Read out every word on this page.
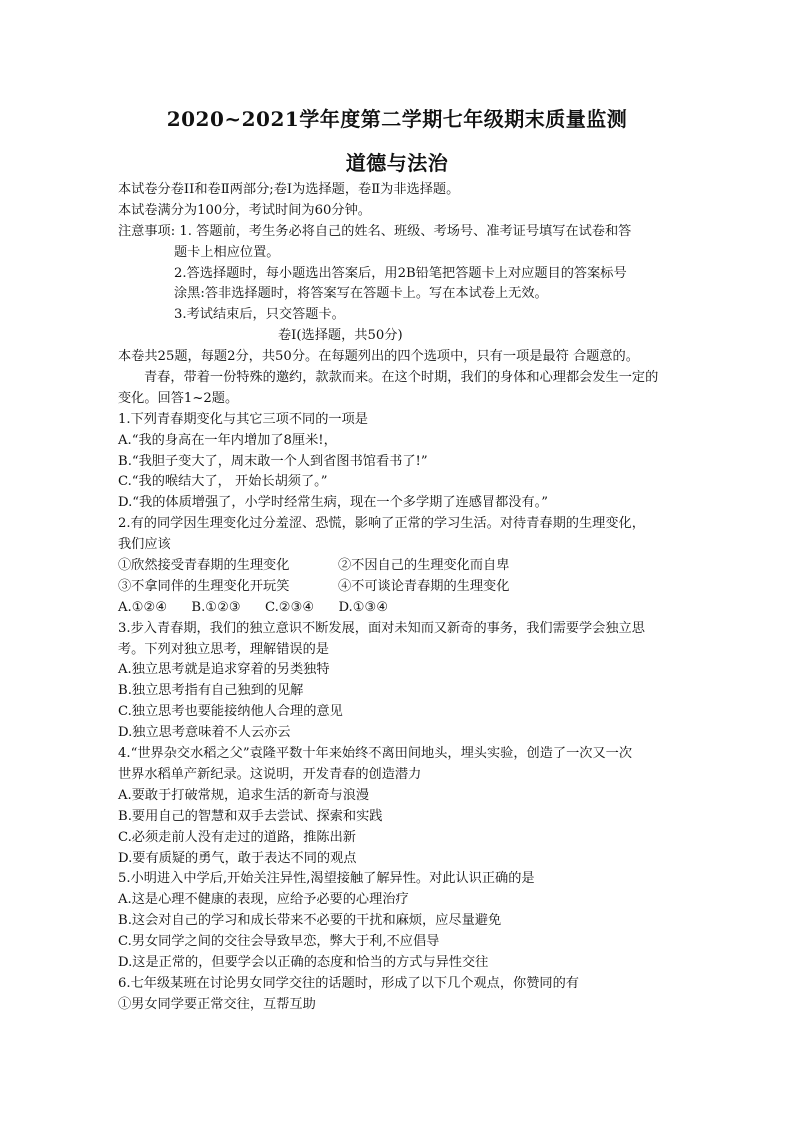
2020~2021学年度第二学期七年级期末质量监测
道德与法治
本试卷分卷ⅠI和卷Ⅱ两部分;卷Ⅰ为选择题，卷Ⅱ为非选择题。
本试卷满分为100分，考试时间为60分钟。
注意事项: 1. 答题前，考生务必将自己的姓名、班级、考场号、准考证号填写在试卷和答
题卡上相应位置。
2.答选择题时，每小题选出答案后，用2B铅笔把答题卡上对应题目的答案标号
涂黑:答非选择题时，将答案写在答题卡上。写在本试卷上无效。
3.考试结束后，只交答题卡。
卷Ⅰ(选择题，共50分)
本卷共25题，每题2分，共50分。在每题列出的四个选项中，只有一项是最符 合题意的。
青春，带着一份特殊的邀约，款款而来。在这个时期，我们的身体和心理都会发生一定的
变化。回答1~2题。
1.下列青春期变化与其它三项不同的一项是
A.“我的身高在一年内增加了8厘米!，
B.“我胆子变大了，周末敢一个人到省图书馆看书了!”
C.“我的喉结大了， 开始长胡须了。”
D.“我的体质增强了，小学时经常生病，现在一个多学期了连感冒都没有。”
2.有的同学因生理变化过分羞涩、恐慌，影响了正常的学习生活。对待青春期的生理变化，
我们应该
①欣然接受青春期的生理变化	②不因自己的生理变化而自卑
③不拿同伴的生理变化开玩笑	④不可谈论青春期的生理变化
A.①②④ B.①②③ C.②③④ D.①③④
3.步入青春期，我们的独立意识不断发展，面对未知而又新奇的事务，我们需要学会独立思
考。下列对独立思考，理解错误的是
A.独立思考就是追求穿着的另类独特
B.独立思考指有自己独到的见解
C.独立思考也要能接纳他人合理的意见
D.独立思考意味着不人云亦云
4.“世界杂交水稻之父”袁隆平数十年来始终不离田间地头，埋头实验，创造了一次又一次
世界水稻单产新纪录。这说明，开发青春的创造潜力
A.要敢于打破常规，追求生活的新奇与浪漫
B.要用自己的智慧和双手去尝试、探索和实践
C.必须走前人没有走过的道路，推陈出新
D.要有质疑的勇气，敢于表达不同的观点
5.小明进入中学后,开始关注异性,渴望接触了解异性。对此认识正确的是
A.这是心理不健康的表现，应给予必要的心理治疗
B.这会对自己的学习和成长带来不必要的干扰和麻烦，应尽量避免
C.男女同学之间的交往会导致早恋，弊大于利,不应倡导
D.这是正常的，但要学会以正确的态度和恰当的方式与异性交往
6.七年级某班在讨论男女同学交往的话题时，形成了以下几个观点，你赞同的有
①男女同学要正常交往，互帮互助
